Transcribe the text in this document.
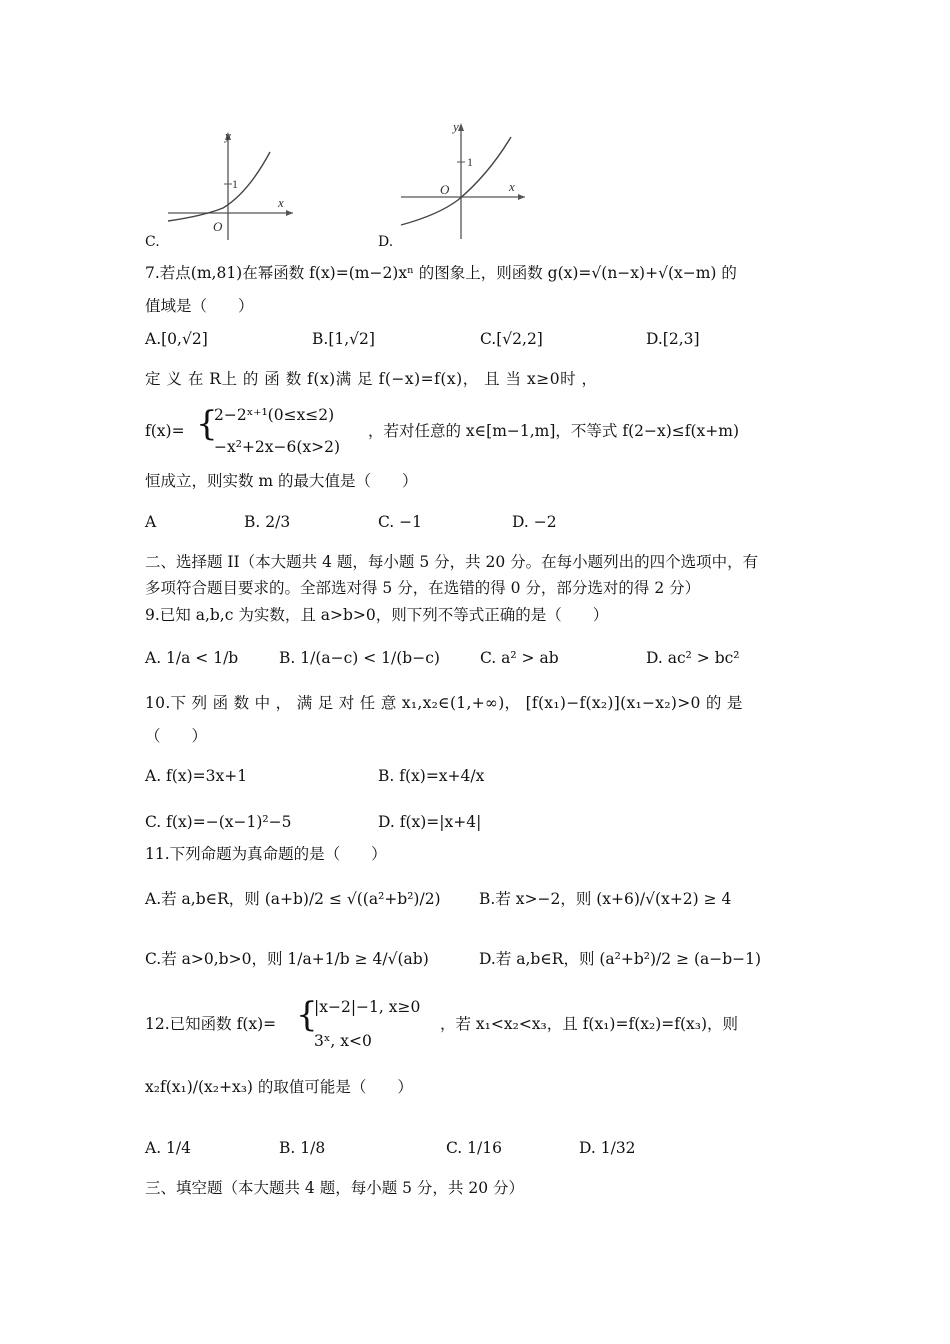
y
x
O
1
C.
y
x
O
1
D.
7.若点(m,81)在幂函数 f(x)=(m−2)xⁿ 的图象上，则函数 g(x)=√(n−x)+√(x−m) 的
值域是（　　）
A.[0,√2]	B.[1,√2]	C.[√2,2]	D.[2,3]
定 义 在 R上 的 函 数 f(x)满 足 f(−x)=f(x)， 且 当 x≥0时 ，
f(x)= {
2−2ˣ⁺¹(0≤x≤2)
−x²+2x−6(x>2)
，若对任意的 x∈[m−1,m]，不等式 f(2−x)≤f(x+m)
恒成立，则实数 m 的最大值是（　　）
A	B. 2/3	C. −1	D. −2
二、选择题 II（本大题共 4 题，每小题 5 分，共 20 分。在每小题列出的四个选项中，有
多项符合题目要求的。全部选对得 5 分，在选错的得 0 分，部分选对的得 2 分）
9.已知 a,b,c 为实数，且 a>b>0，则下列不等式正确的是（　　）
A. 1/a < 1/b	B. 1/(a−c) < 1/(b−c)	C. a² > ab	D. ac² > bc²
10.下 列 函 数 中 ， 满 足 对 任 意 x₁,x₂∈(1,+∞)， [f(x₁)−f(x₂)](x₁−x₂)>0 的 是
（　　）
A. f(x)=3x+1	B. f(x)=x+4/x
C. f(x)=−(x−1)²−5	D. f(x)=|x+4|
11.下列命题为真命题的是（　　）
A.若 a,b∈R，则 (a+b)/2 ≤ √((a²+b²)/2) B.若 x>−2，则 (x+6)/√(x+2) ≥ 4
C.若 a>0,b>0，则 1/a+1/b ≥ 4/√(ab)	D.若 a,b∈R，则 (a²+b²)/2 ≥ (a−b−1)
12.已知函数 f(x)= {
|x−2|−1, x≥0
3ˣ, x<0
，若 x₁<x₂<x₃，且 f(x₁)=f(x₂)=f(x₃)，则
x₂f(x₁)/(x₂+x₃) 的取值可能是（　　）
A. 1/4	B. 1/8	C. 1/16	D. 1/32
三、填空题（本大题共 4 题，每小题 5 分，共 20 分）
